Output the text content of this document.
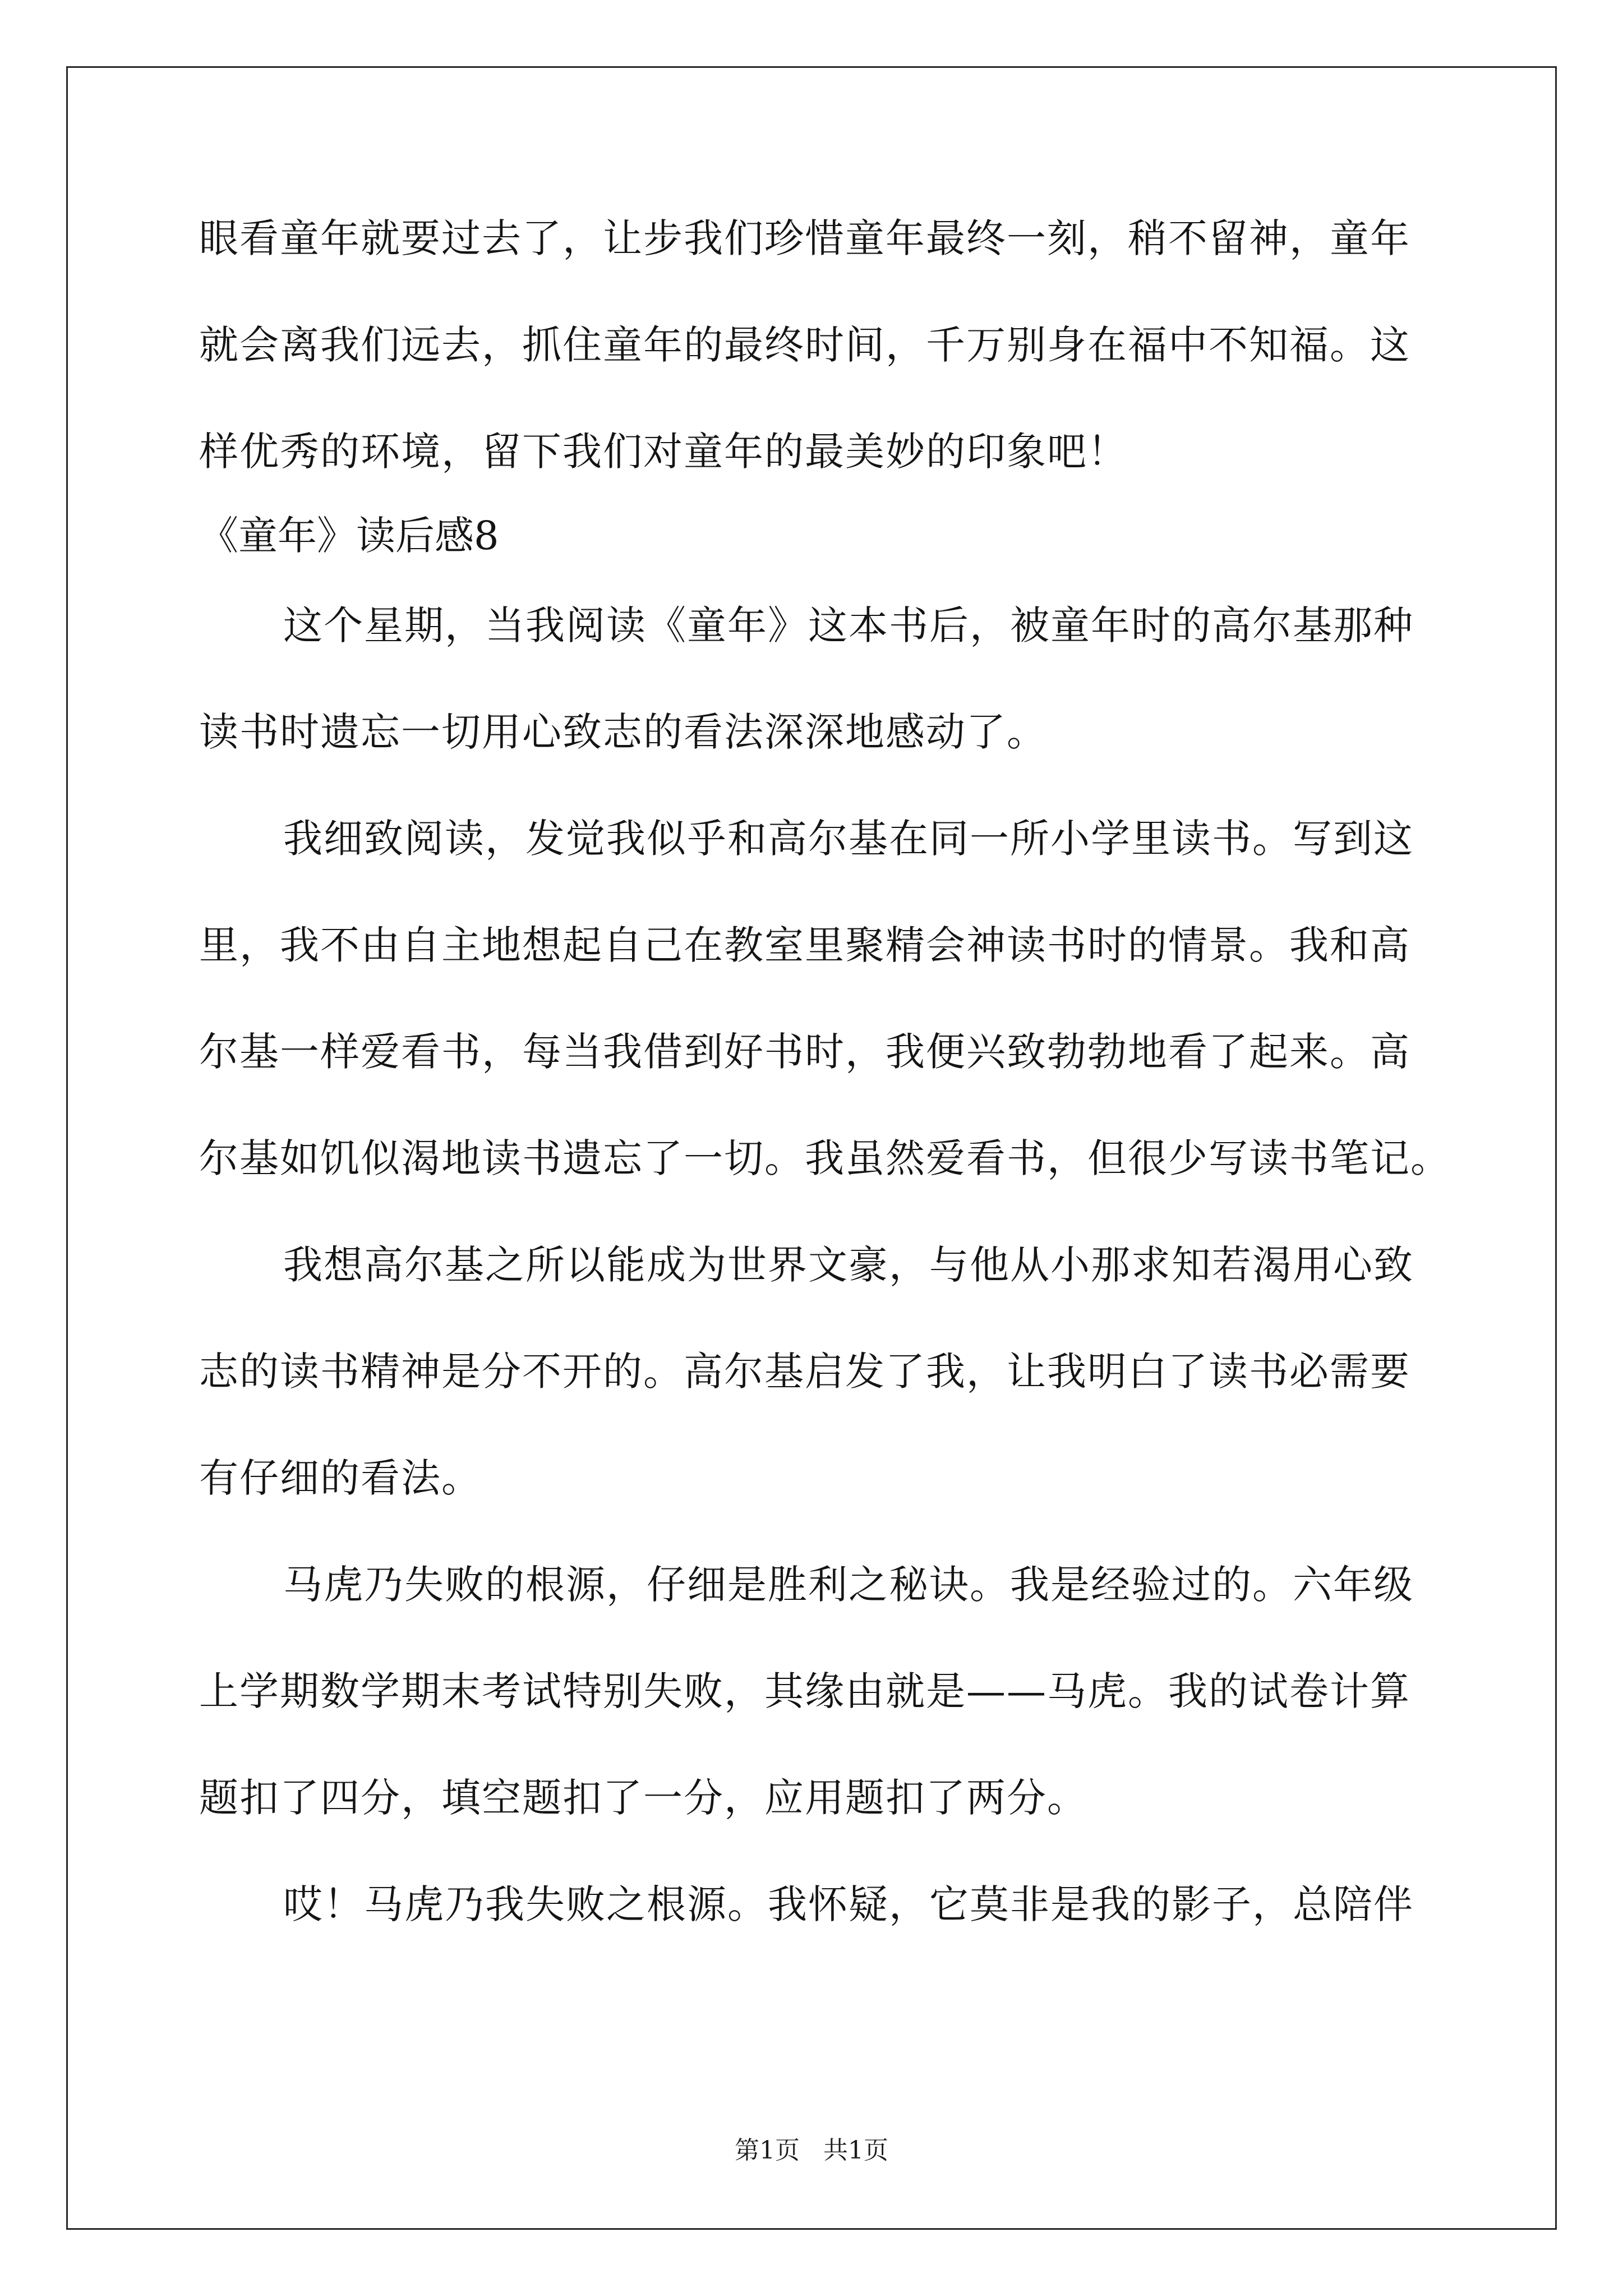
眼看童年就要过去了，让步我们珍惜童年最终一刻，稍不留神，童年
就会离我们远去，抓住童年的最终时间，千万别身在福中不知福。这
样优秀的环境，留下我们对童年的最美妙的印象吧！
《童年》读后感8
这个星期，当我阅读《童年》这本书后，被童年时的高尔基那种
读书时遗忘一切用心致志的看法深深地感动了。
我细致阅读，发觉我似乎和高尔基在同一所小学里读书。写到这
里，我不由自主地想起自己在教室里聚精会神读书时的情景。我和高
尔基一样爱看书，每当我借到好书时，我便兴致勃勃地看了起来。高
尔基如饥似渴地读书遗忘了一切。我虽然爱看书，但很少写读书笔记。
我想高尔基之所以能成为世界文豪，与他从小那求知若渴用心致
志的读书精神是分不开的。高尔基启发了我，让我明白了读书必需要
有仔细的看法。
马虎乃失败的根源，仔细是胜利之秘诀。我是经验过的。六年级
上学期数学期末考试特别失败，其缘由就是——马虎。我的试卷计算
题扣了四分，填空题扣了一分，应用题扣了两分。
哎！马虎乃我失败之根源。我怀疑，它莫非是我的影子，总陪伴
第1页   共1页
